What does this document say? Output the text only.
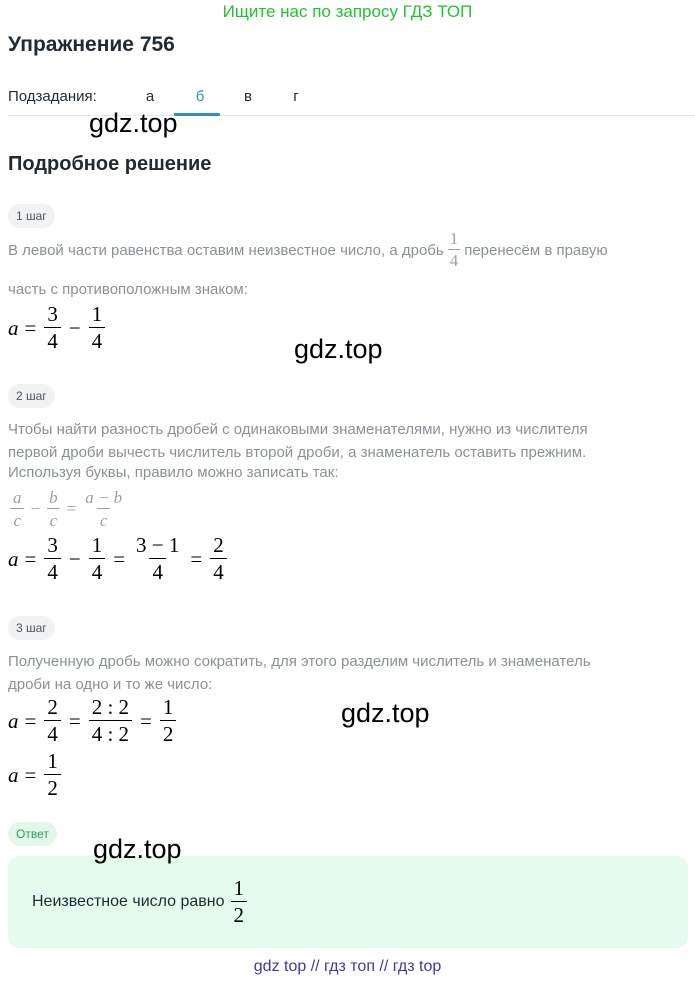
Ищите нас по запросу ГДЗ ТОП
Упражнение 756
Подзадания:	а	б	в	г
gdz.top
Подробное решение
1 шаг
В левой части равенства оставим неизвестное число, а дробь $\frac{1}{4}$ перенесём в правую
часть с противоположным знаком:
$a = \frac{3}{4} - \frac{1}{4}$	gdz.top
2 шаг
Чтобы найти разность дробей с одинаковыми знаменателями, нужно из числителя
первой дроби вычесть числитель второй дроби, а знаменатель оставить прежним.
Используя буквы, правило можно записать так:
$\frac{a}{c} - \frac{b}{c} = \frac{a - b}{c}$
$a = \frac{3}{4} - \frac{1}{4} = \frac{3 - 1}{4} = \frac{2}{4}$
3 шаг
Полученную дробь можно сократить, для этого разделим числитель и знаменатель
дроби на одно и то же число:
$a = \frac{2}{4} = \frac{2 : 2}{4 : 2} = \frac{1}{2}$	gdz.top
$a = \frac{1}{2}$
Ответ
Неизвестное число равно $\frac{1}{2}$
gdz.top
gdz top // гдз топ // гдз top
